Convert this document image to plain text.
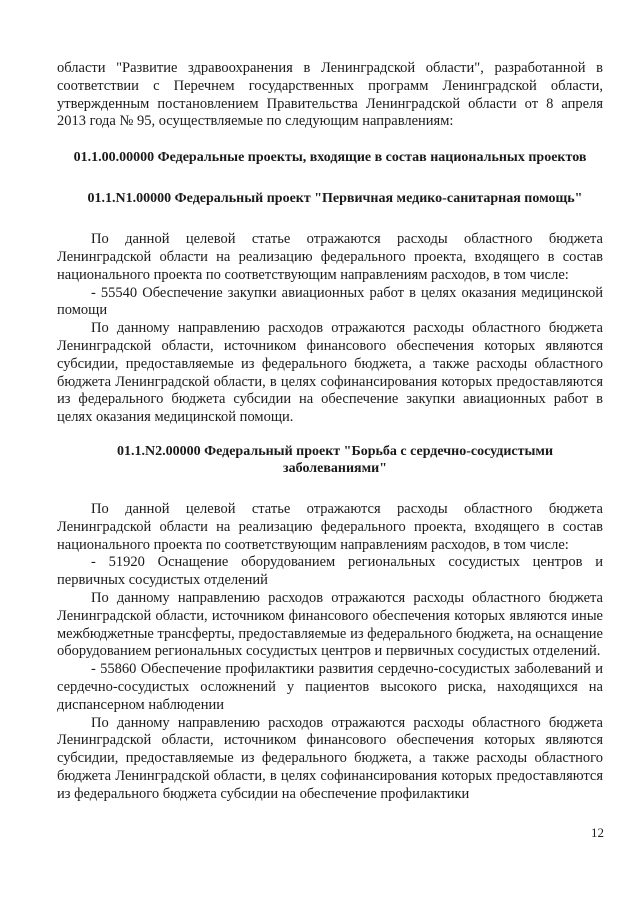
области "Развитие здравоохранения в Ленинградской области", разработанной в соответствии с Перечнем государственных программ Ленинградской области, утвержденным постановлением Правительства Ленинградской области от 8 апреля 2013 года № 95, осуществляемые по следующим направлениям:

01.1.00.00000 Федеральные проекты, входящие в состав национальных проектов
01.1.N1.00000 Федеральный проект "Первичная медико-санитарная помощь"

По данной целевой статье отражаются расходы областного бюджета Ленинградской области на реализацию федерального проекта, входящего в состав национального проекта по соответствующим направлениям расходов, в том числе:

- 55540 Обеспечение закупки авиационных работ в целях оказания медицинской помощи

По данному направлению расходов отражаются расходы областного бюджета Ленинградской области, источником финансового обеспечения которых являются субсидии, предоставляемые из федерального бюджета, а также расходы областного бюджета Ленинградской области, в целях софинансирования которых предоставляются из федерального бюджета субсидии на обеспечение закупки авиационных работ в целях оказания медицинской помощи.

01.1.N2.00000 Федеральный проект "Борьба с сердечно-сосудистыми заболеваниями"

По данной целевой статье отражаются расходы областного бюджета Ленинградской области на реализацию федерального проекта, входящего в состав национального проекта по соответствующим направлениям расходов, в том числе:

- 51920 Оснащение оборудованием региональных сосудистых центров и первичных сосудистых отделений

По данному направлению расходов отражаются расходы областного бюджета Ленинградской области, источником финансового обеспечения которых являются иные межбюджетные трансферты, предоставляемые из федерального бюджета, на оснащение оборудованием региональных сосудистых центров и первичных сосудистых отделений.

- 55860 Обеспечение профилактики развития сердечно-сосудистых заболеваний и сердечно-сосудистых осложнений у пациентов высокого риска, находящихся на диспансерном наблюдении

По данному направлению расходов отражаются расходы областного бюджета Ленинградской области, источником финансового обеспечения которых являются субсидии, предоставляемые из федерального бюджета, а также расходы областного бюджета Ленинградской области, в целях софинансирования которых предоставляются из федерального бюджета субсидии на обеспечение профилактики

12
